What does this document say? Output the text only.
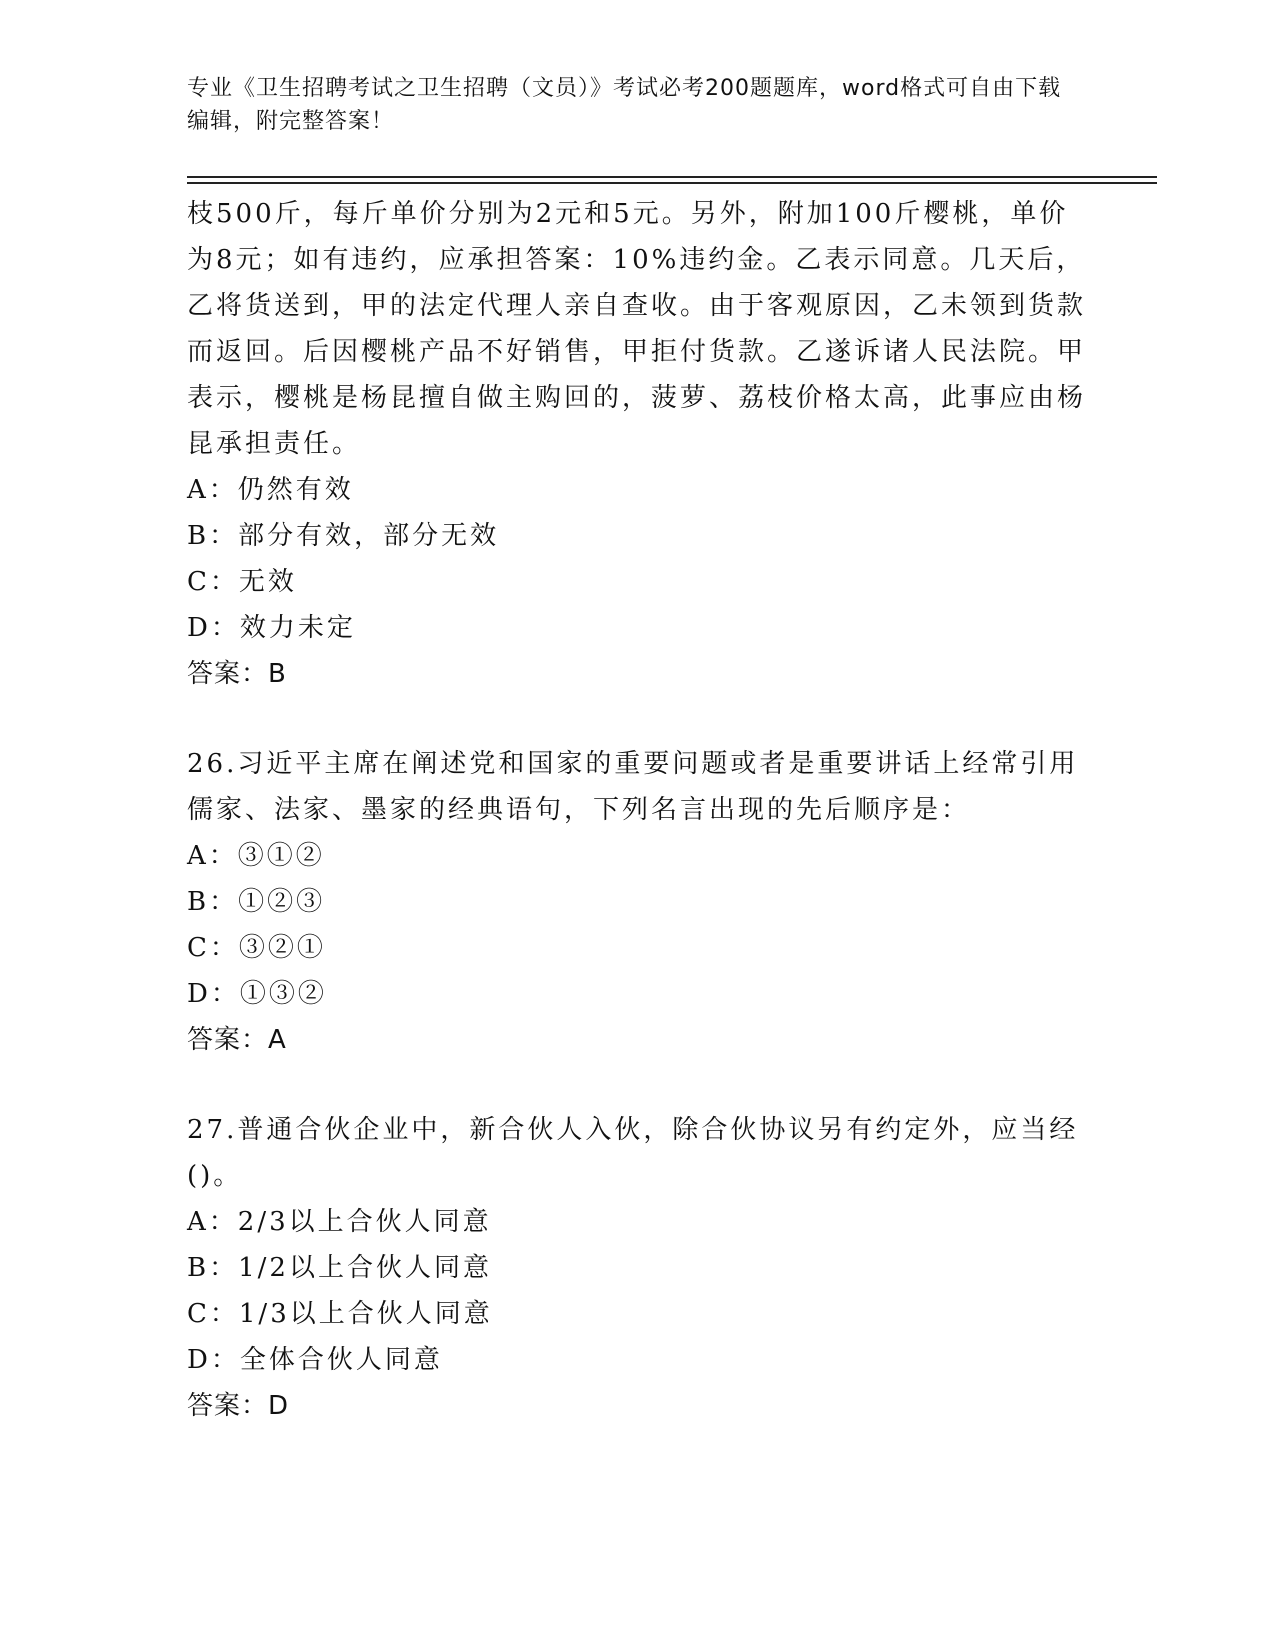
专业《卫生招聘考试之卫生招聘（文员）》考试必考200题题库，word格式可自由下载编辑，附完整答案！

枝500斤，每斤单价分别为2元和5元。另外，附加100斤樱桃，单价为8元；如有违约，应承担答案：10%违约金。乙表示同意。几天后，乙将货送到，甲的法定代理人亲自查收。由于客观原因，乙未领到货款而返回。后因樱桃产品不好销售，甲拒付货款。乙遂诉诸人民法院。甲表示，樱桃是杨昆擅自做主购回的，菠萝、荔枝价格太高，此事应由杨昆承担责任。

A：仍然有效

B：部分有效，部分无效

C：无效

D：效力未定

答案：B

26.习近平主席在阐述党和国家的重要问题或者是重要讲话上经常引用儒家、法家、墨家的经典语句，下列名言出现的先后顺序是：

A：③①②

B：①②③

C：③②①

D：①③②

答案：A

27.普通合伙企业中，新合伙人入伙，除合伙协议另有约定外，应当经()。

A：2/3以上合伙人同意

B：1/2以上合伙人同意

C：1/3以上合伙人同意

D：全体合伙人同意

答案：D
